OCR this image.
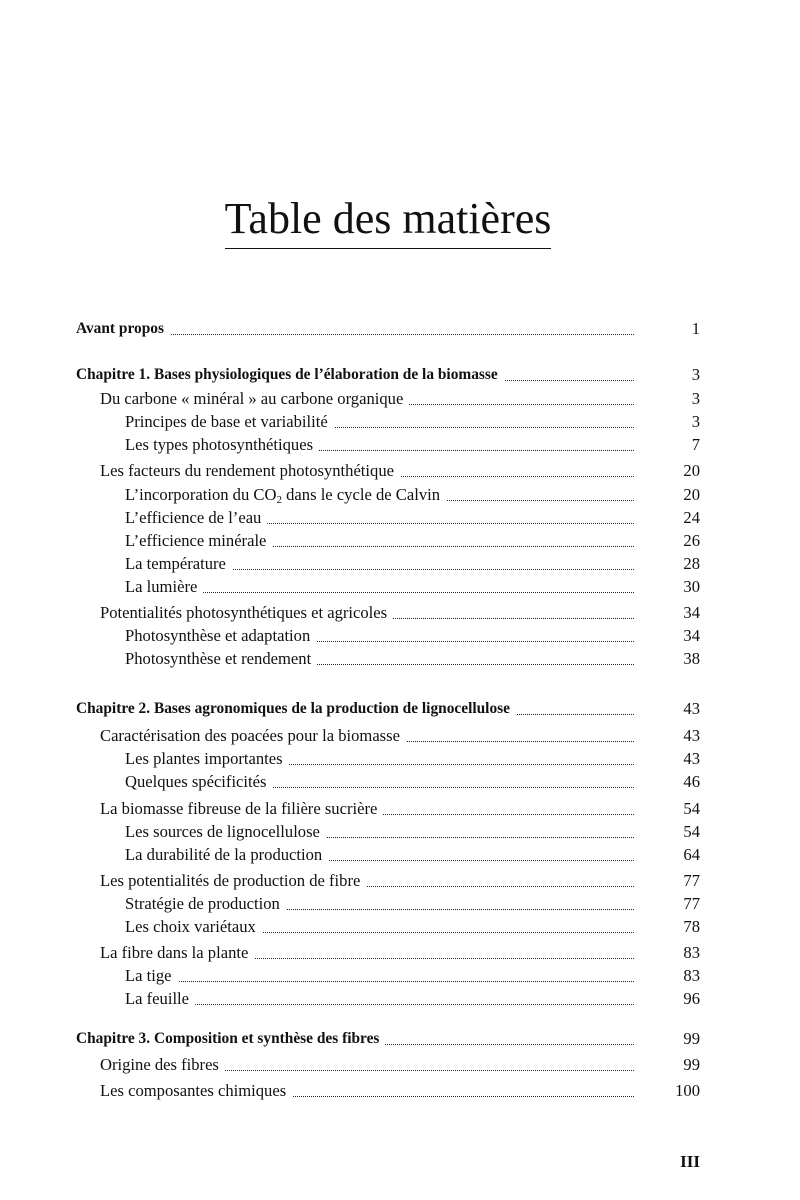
Table des matières
Avant propos	1
Chapitre 1. Bases physiologiques de l’élaboration de la biomasse	3
Du carbone « minéral » au carbone organique	3
Principes de base et variabilité	3
Les types photosynthétiques	7
Les facteurs du rendement photosynthétique	20
L’incorporation du $CO_2$ dans le cycle de Calvin	20
L’efficience de l’eau	24
L’efficience minérale	26
La température	28
La lumière	30
Potentialités photosynthétiques et agricoles	34
Photosynthèse et adaptation	34
Photosynthèse et rendement	38
Chapitre 2. Bases agronomiques de la production de lignocellulose	43
Caractérisation des poacées pour la biomasse	43
Les plantes importantes	43
Quelques spécificités	46
La biomasse fibreuse de la filière sucrière	54
Les sources de lignocellulose	54
La durabilité de la production	64
Les potentialités de production de fibre	77
Stratégie de production	77
Les choix variétaux	78
La fibre dans la plante	83
La tige	83
La feuille	96
Chapitre 3. Composition et synthèse des fibres	99
Origine des fibres	99
Les composantes chimiques	100
III
